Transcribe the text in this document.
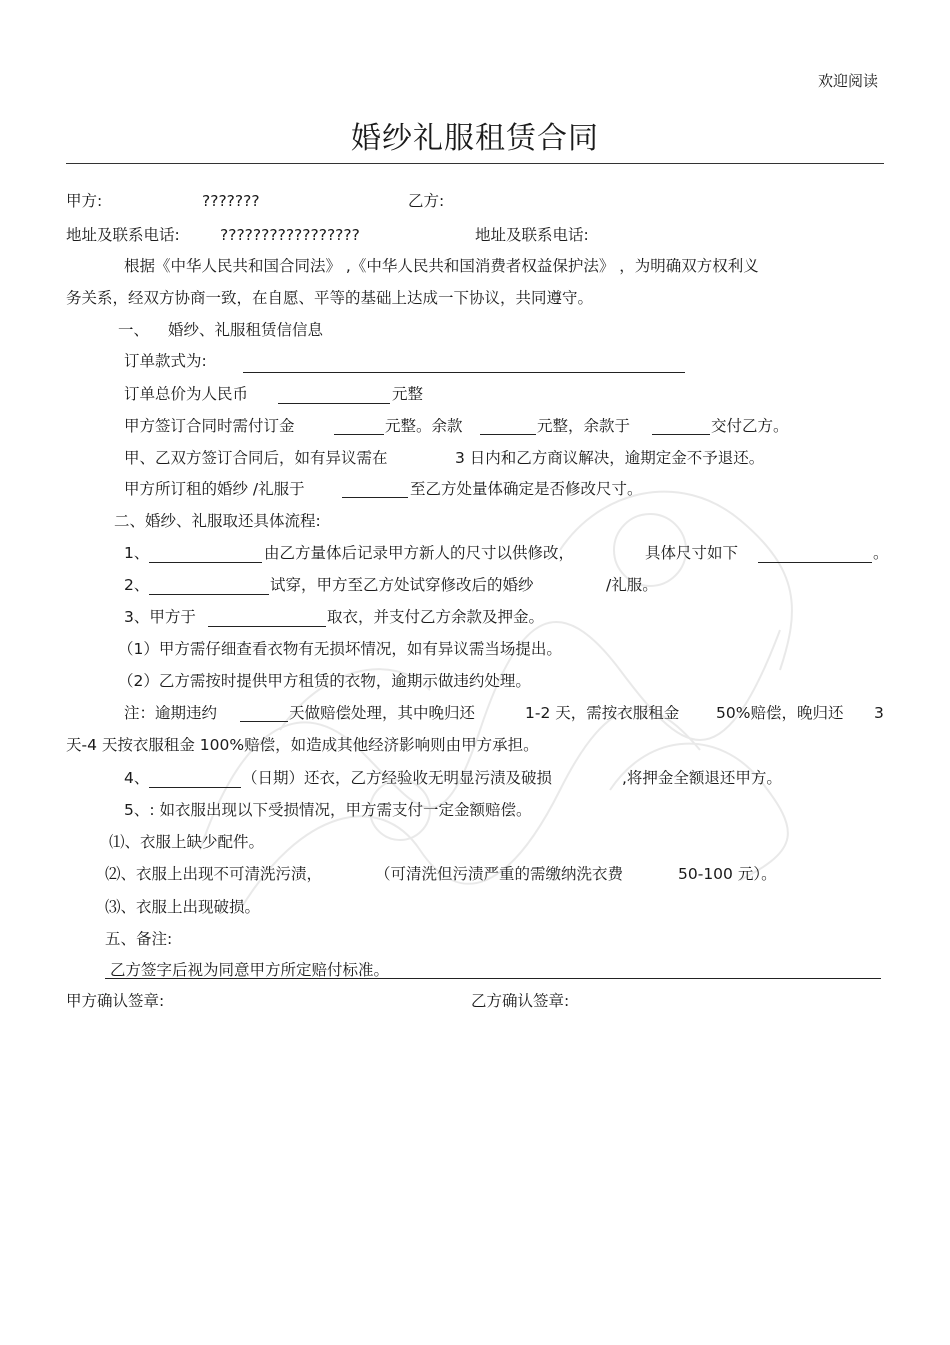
欢迎阅读
婚纱礼服租赁合同
甲方:	???????	乙方:
地址及联系电话:	?????????????????	地址及联系电话:
根据《中华人民共和国合同法》 ,《中华人民共和国消费者权益保护法》 ，为明确双方权利义
务关系，经双方协商一致，在自愿、平等的基础上达成一下协议，共同遵守。
一、 婚纱、礼服租赁信信息
订单款式为:
订单总价为人民币	元整
甲方签订合同时需付订金	元整。余款	元整，余款于	交付乙方。
甲、乙双方签订合同后，如有异议需在	3 日内和乙方商议解决，逾期定金不予退还。
甲方所订租的婚纱 /礼服于	至乙方处量体确定是否修改尺寸。
二、婚纱、礼服取还具体流程:
1、	由乙方量体后记录甲方新人的尺寸以供修改，	具体尺寸如下	。
2、	试穿，甲方至乙方处试穿修改后的婚纱	/礼服。
3、甲方于	取衣，并支付乙方余款及押金。
（1）甲方需仔细查看衣物有无损坏情况，如有异议需当场提出。
（2）乙方需按时提供甲方租赁的衣物，逾期示做违约处理。
注：逾期违约	天做赔偿处理，其中晚归还	1-2 天，需按衣服租金 50%赔偿，晚归还 3
天-4 天按衣服租金 100%赔偿，如造成其他经济影响则由甲方承担。
4、	（日期）还衣，乙方经验收无明显污渍及破损	,将押金全额退还甲方。
5、: 如衣服出现以下受损情况，甲方需支付一定金额赔偿。
⑴、衣服上缺少配件。
⑵、衣服上出现不可清洗污渍，	（可清洗但污渍严重的需缴纳洗衣费	50-100 元）。
⑶、衣服上出现破损。
五、备注:
乙方签字后视为同意甲方所定赔付标准。
甲方确认签章:	乙方确认签章:
